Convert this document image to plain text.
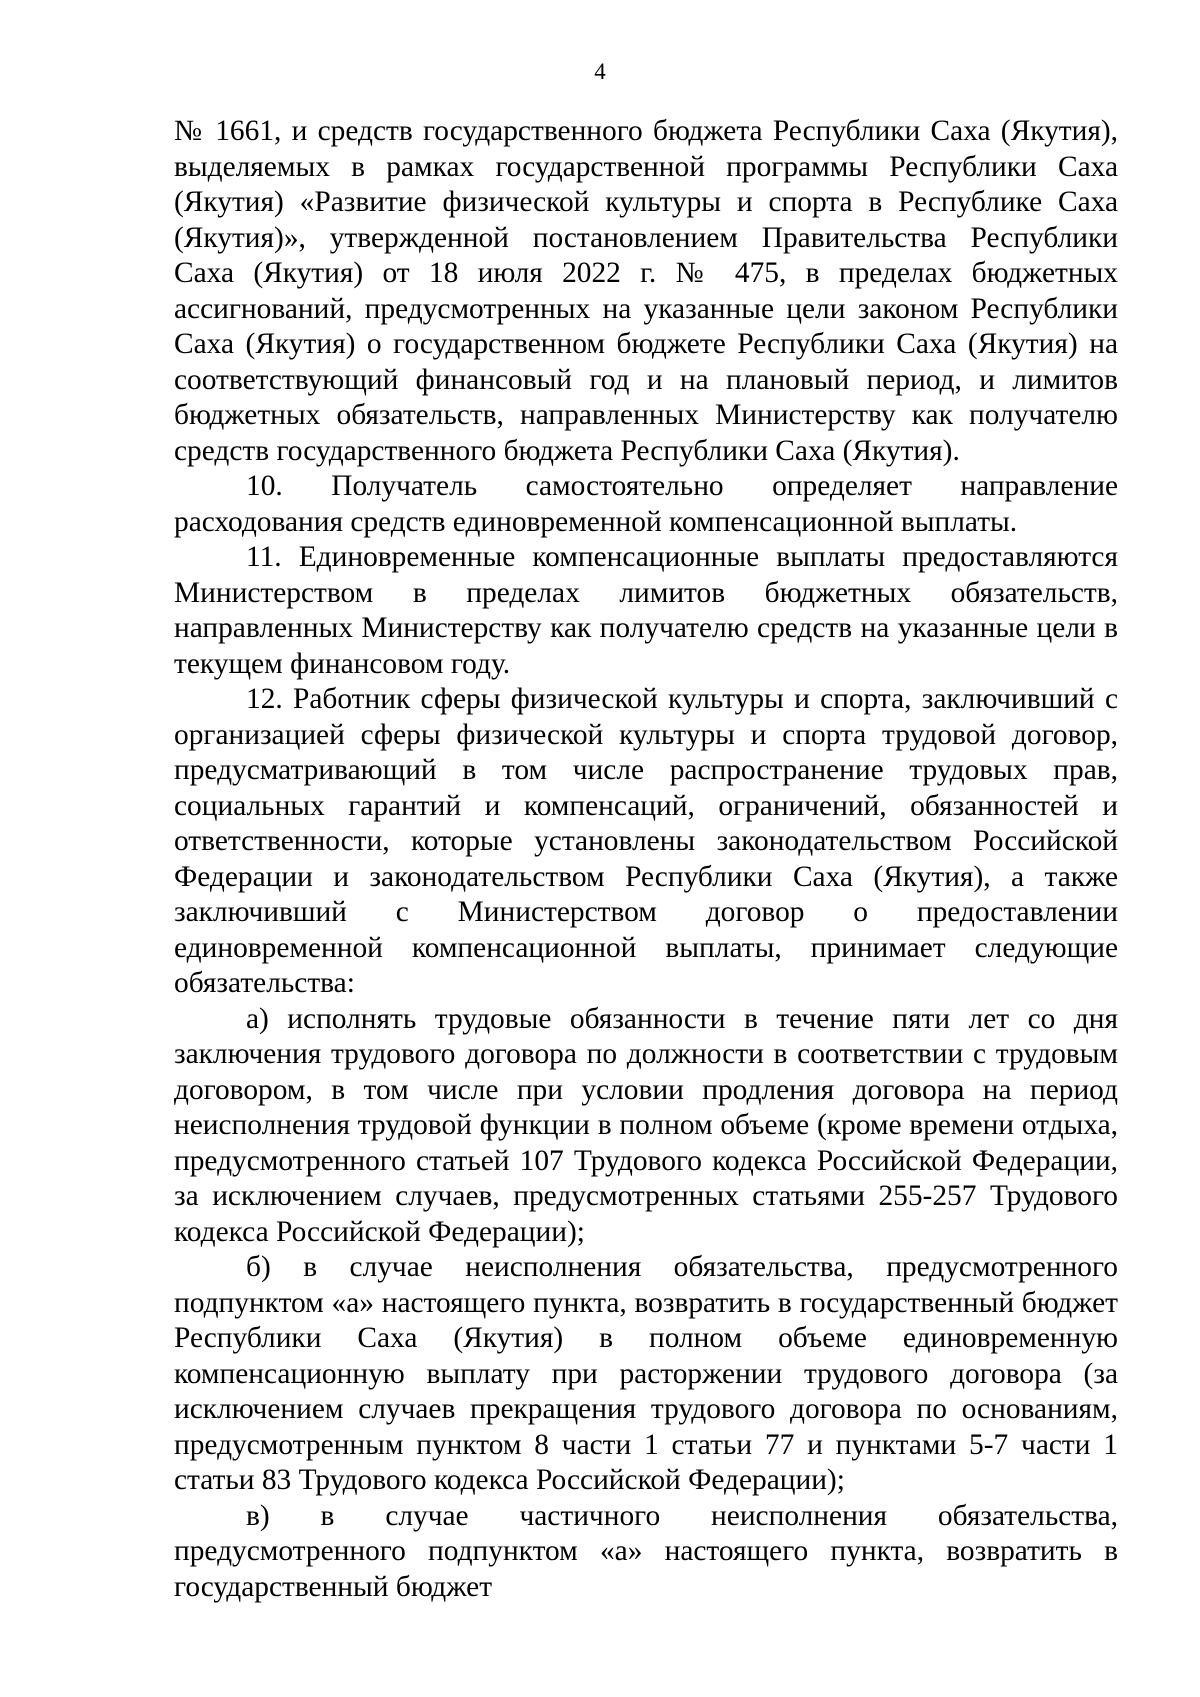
4

№ 1661, и средств государственного бюджета Республики Саха (Якутия), выделяемых в рамках государственной программы Республики Саха (Якутия) «Развитие физической культуры и спорта в Республике Саха (Якутия)», утвержденной постановлением Правительства Республики Саха (Якутия) от 18 июля 2022 г. № 475, в пределах бюджетных ассигнований, предусмотренных на указанные цели законом Республики Саха (Якутия) о государственном бюджете Республики Саха (Якутия) на соответствующий финансовый год и на плановый период, и лимитов бюджетных обязательств, направленных Министерству как получателю средств государственного бюджета Республики Саха (Якутия).

10. Получатель самостоятельно определяет направление расходования средств единовременной компенсационной выплаты.

11. Единовременные компенсационные выплаты предоставляются Министерством в пределах лимитов бюджетных обязательств, направленных Министерству как получателю средств на указанные цели в текущем финансовом году.

12. Работник сферы физической культуры и спорта, заключивший с организацией сферы физической культуры и спорта трудовой договор, предусматривающий в том числе распространение трудовых прав, социальных гарантий и компенсаций, ограничений, обязанностей и ответственности, которые установлены законодательством Российской Федерации и законодательством Республики Саха (Якутия), а также заключивший с Министерством договор о предоставлении единовременной компенсационной выплаты, принимает следующие обязательства:

а) исполнять трудовые обязанности в течение пяти лет со дня заключения трудового договора по должности в соответствии с трудовым договором, в том числе при условии продления договора на период неисполнения трудовой функции в полном объеме (кроме времени отдыха, предусмотренного статьей 107 Трудового кодекса Российской Федерации, за исключением случаев, предусмотренных статьями 255-257 Трудового кодекса Российской Федерации);

б) в случае неисполнения обязательства, предусмотренного подпунктом «а» настоящего пункта, возвратить в государственный бюджет Республики Саха (Якутия) в полном объеме единовременную компенсационную выплату при расторжении трудового договора (за исключением случаев прекращения трудового договора по основаниям, предусмотренным пунктом 8 части 1 статьи 77 и пунктами 5-7 части 1 статьи 83 Трудового кодекса Российской Федерации);

в) в случае частичного неисполнения обязательства, предусмотренного подпунктом «а» настоящего пункта, возвратить в государственный бюджет
